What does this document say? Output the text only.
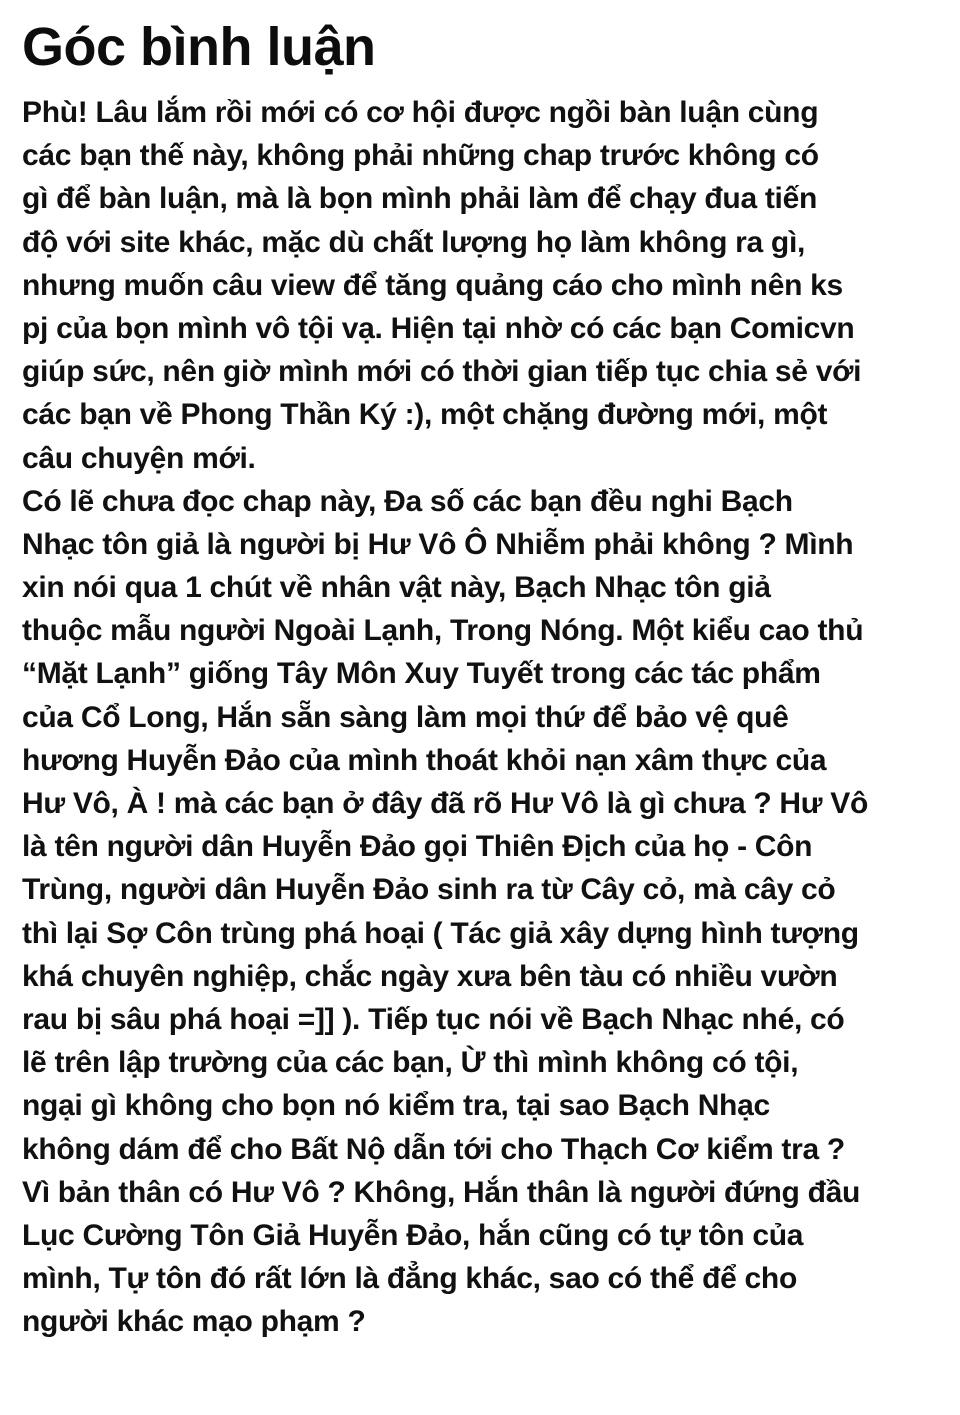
Góc bình luận
Phù! Lâu lắm rồi mới có cơ hội được ngồi bàn luận cùng
các bạn thế này, không phải những chap trước không có
gì để bàn luận, mà là bọn mình phải làm để chạy đua tiến
độ với site khác, mặc dù chất lượng họ làm không ra gì,
nhưng muốn câu view để tăng quảng cáo cho mình nên ks
pj của bọn mình vô tội vạ. Hiện tại nhờ có các bạn Comicvn
giúp sức, nên giờ mình mới có thời gian tiếp tục chia sẻ với
các bạn về Phong Thần Ký :), một chặng đường mới, một
câu chuyện mới.
Có lẽ chưa đọc chap này, Đa số các bạn đều nghi Bạch
Nhạc tôn giả là người bị Hư Vô Ô Nhiễm phải không ? Mình
xin nói qua 1 chút về nhân vật này, Bạch Nhạc tôn giả
thuộc mẫu người Ngoài Lạnh, Trong Nóng. Một kiểu cao thủ
“Mặt Lạnh” giống Tây Môn Xuy Tuyết trong các tác phẩm
của Cổ Long, Hắn sẵn sàng làm mọi thứ để bảo vệ quê
hương Huyễn Đảo của mình thoát khỏi nạn xâm thực của
Hư Vô, À ! mà các bạn ở đây đã rõ Hư Vô là gì chưa ? Hư Vô
là tên người dân Huyễn Đảo gọi Thiên Địch của họ - Côn
Trùng, người dân Huyễn Đảo sinh ra từ Cây cỏ, mà cây cỏ
thì lại Sợ Côn trùng phá hoại ( Tác giả xây dựng hình tượng
khá chuyên nghiệp, chắc ngày xưa bên tàu có nhiều vườn
rau bị sâu phá hoại =]] ). Tiếp tục nói về Bạch Nhạc nhé, có
lẽ trên lập trường của các bạn, Ừ thì mình không có tội,
ngại gì không cho bọn nó kiểm tra, tại sao Bạch Nhạc
không dám để cho Bất Nộ dẫn tới cho Thạch Cơ kiểm tra ?
Vì bản thân có Hư Vô ? Không, Hắn thân là người đứng đầu
Lục Cường Tôn Giả Huyễn Đảo, hắn cũng có tự tôn của
mình, Tự tôn đó rất lớn là đẳng khác, sao có thể để cho
người khác mạo phạm ?
